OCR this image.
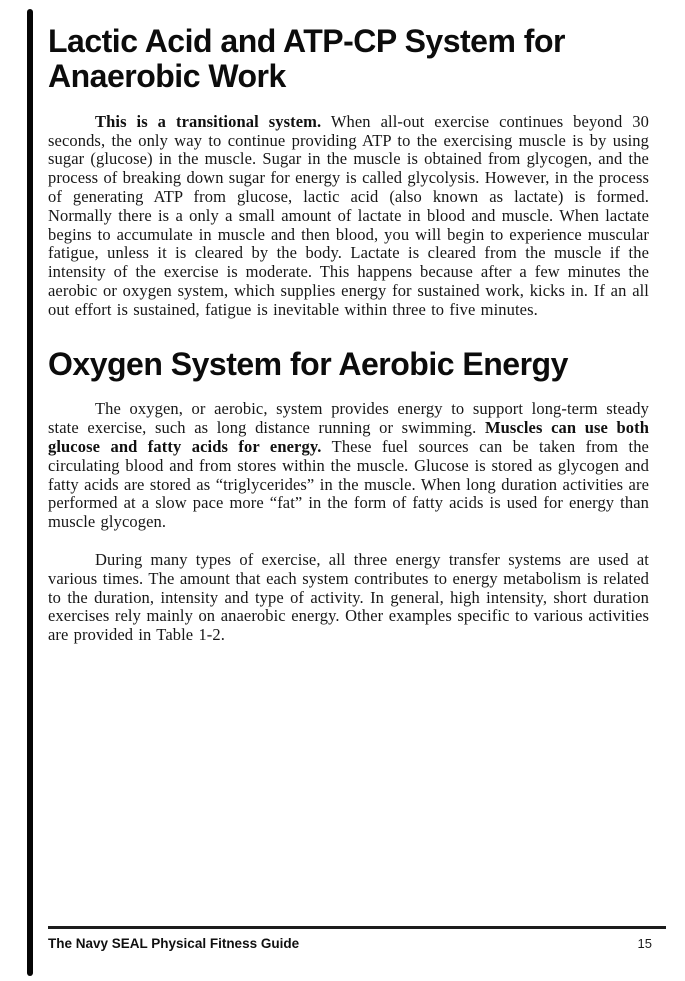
Lactic Acid and ATP-CP System for Anaerobic Work

This is a transitional system. When all-out exercise continues beyond 30 seconds, the only way to continue providing ATP to the exercising muscle is by using sugar (glucose) in the muscle. Sugar in the muscle is obtained from glycogen, and the process of breaking down sugar for energy is called glycolysis. However, in the process of generating ATP from glucose, lactic acid (also known as lactate) is formed. Normally there is a only a small amount of lactate in blood and muscle. When lactate begins to accumulate in muscle and then blood, you will begin to experience muscular fatigue, unless it is cleared by the body. Lactate is cleared from the muscle if the intensity of the exercise is moderate. This happens because after a few minutes the aerobic or oxygen system, which supplies energy for sustained work, kicks in. If an all out effort is sustained, fatigue is inevitable within three to five minutes.

Oxygen System for Aerobic Energy

The oxygen, or aerobic, system provides energy to support long-term steady state exercise, such as long distance running or swimming. Muscles can use both glucose and fatty acids for energy. These fuel sources can be taken from the circulating blood and from stores within the muscle. Glucose is stored as glycogen and fatty acids are stored as “triglycerides” in the muscle. When long duration activities are performed at a slow pace more “fat” in the form of fatty acids is used for energy than muscle glycogen.

During many types of exercise, all three energy transfer systems are used at various times. The amount that each system contributes to energy metabolism is related to the duration, intensity and type of activity. In general, high intensity, short duration exercises rely mainly on anaerobic energy. Other examples specific to various activities are provided in Table 1-2.

The Navy SEAL Physical Fitness Guide	15
